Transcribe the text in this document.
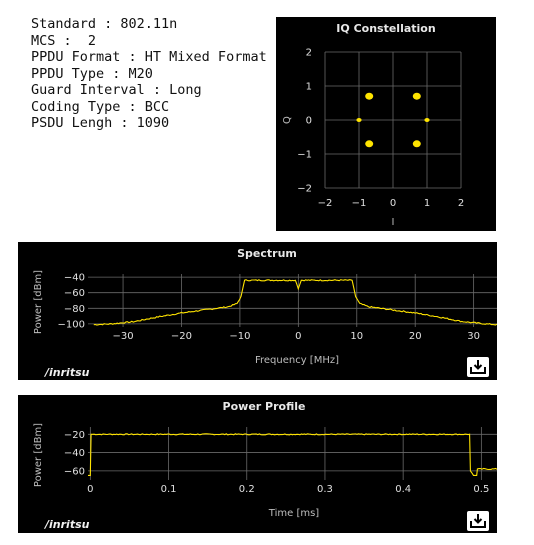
Standard : 802.11n
MCS :  2
PPDU Format : HT Mixed Format
PPDU Type : M20
Guard Interval : Long
Coding Type : BCC
PSDU Lengh : 1090
IQ Constellation
2
1
0
−1
−2
−2 −1 0	1	2
I
Q
Spectrum
−40
−60
−80
−100
−30	−20	−10	0	10	20	30
Frequency [MHz]
Power [dBm]
/inritsu
Power Profile
−20
−40
−60
0	0.1	0.2	0.3	0.4	0.5
Time [ms]
Power [dBm]
/inritsu
